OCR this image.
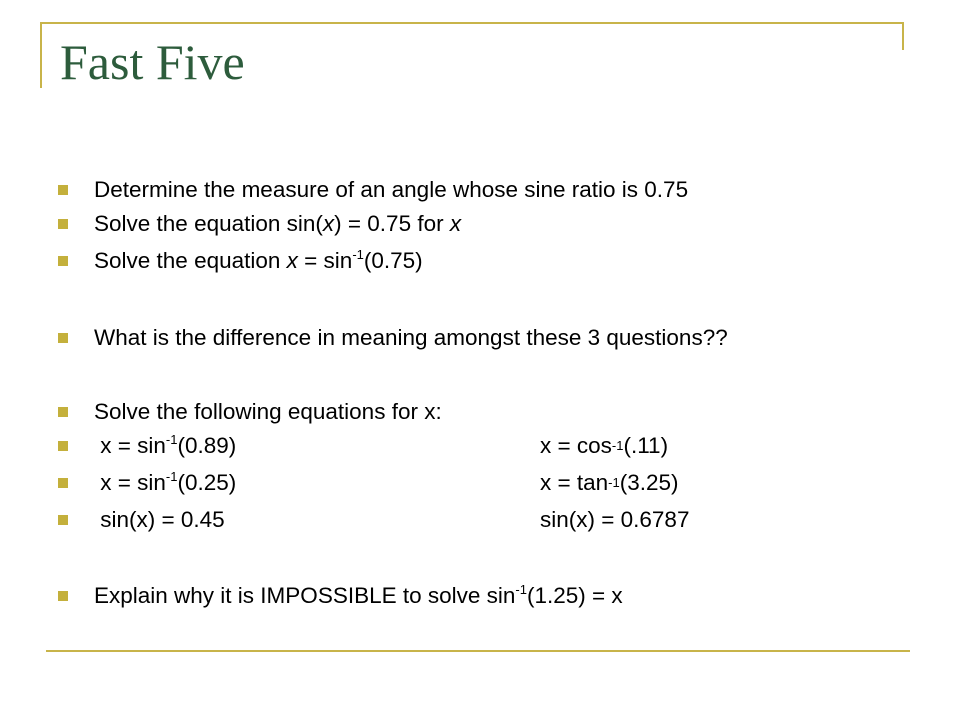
Fast Five
Determine the measure of an angle whose sine ratio is 0.75
Solve the equation sin(x) = 0.75 for x
Solve the equation $x = \sin^{-1}(0.75)$
What is the difference in meaning amongst these 3 questions??
Solve the following equations for x:
$x = \sin^{-1}(0.89)$	x = cos -1 (.11)
$x = \sin^{-1}(0.25)$	x = tan -1 (3.25)
sin(x) = 0.45	sin(x) = 0.6787
Explain why it is IMPOSSIBLE to solve $\sin^{-1}(1.25) = x$
